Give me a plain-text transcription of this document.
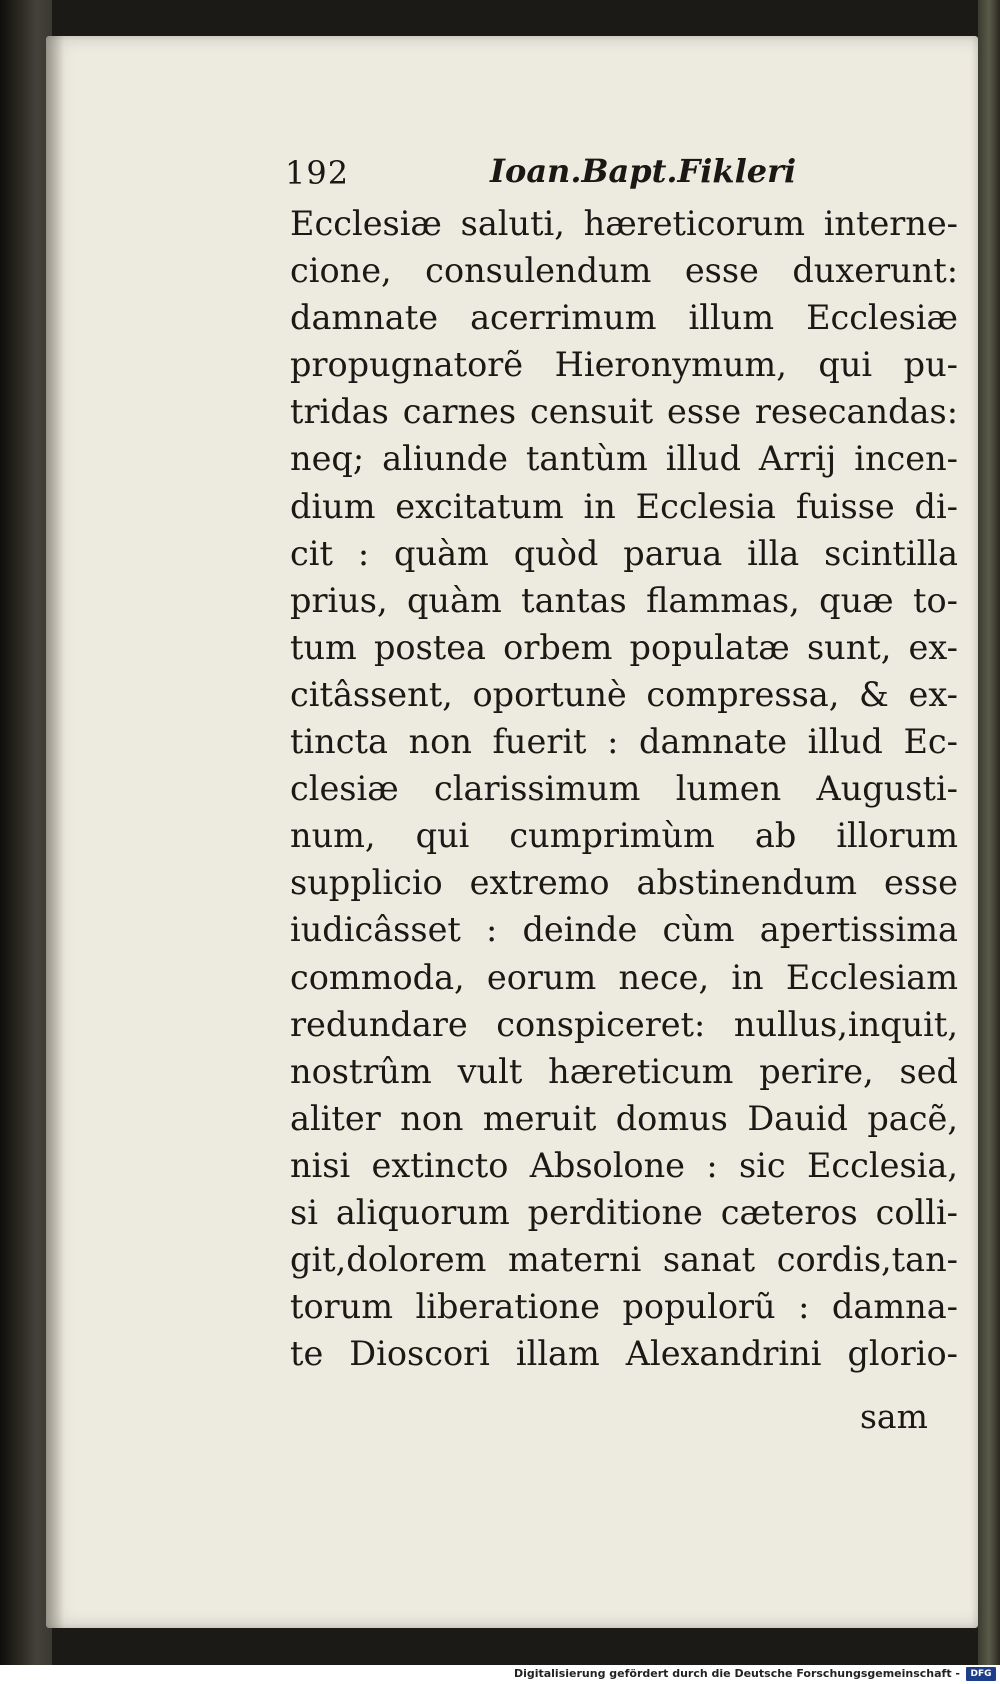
192	Ioan.Bapt.Fikleri
Ecclesiæ saluti, hæreticorum interne-
cione, consulendum esse duxerunt:
damnate acerrimum illum Ecclesiæ
propugnatorẽ Hieronymum, qui pu-
tridas carnes censuit esse resecandas:
neq; aliunde tantùm illud Arrij incen-
dium excitatum in Ecclesia fuisse di-
cit : quàm quòd parua illa scintilla
prius, quàm tantas flammas, quæ to-
tum postea orbem populatæ sunt, ex-
citâssent, oportunè compressa, & ex-
tincta non fuerit : damnate illud Ec-
clesiæ clarissimum lumen Augusti-
num, qui cumprimùm ab illorum
supplicio extremo abstinendum esse
iudicâsset : deinde cùm apertissima
commoda, eorum nece, in Ecclesiam
redundare conspiceret: nullus,inquit,
nostrûm vult hæreticum perire, sed
aliter non meruit domus Dauid pacẽ,
nisi extincto Absolone : sic Ecclesia,
si aliquorum perditione cæteros colli-
git,dolorem materni sanat cordis,tan-
torum liberatione populorũ : damna-
te Dioscori illam Alexandrini glorio-
sam
Digitalisierung gefördert durch die Deutsche Forschungsgemeinschaft -	DFG
